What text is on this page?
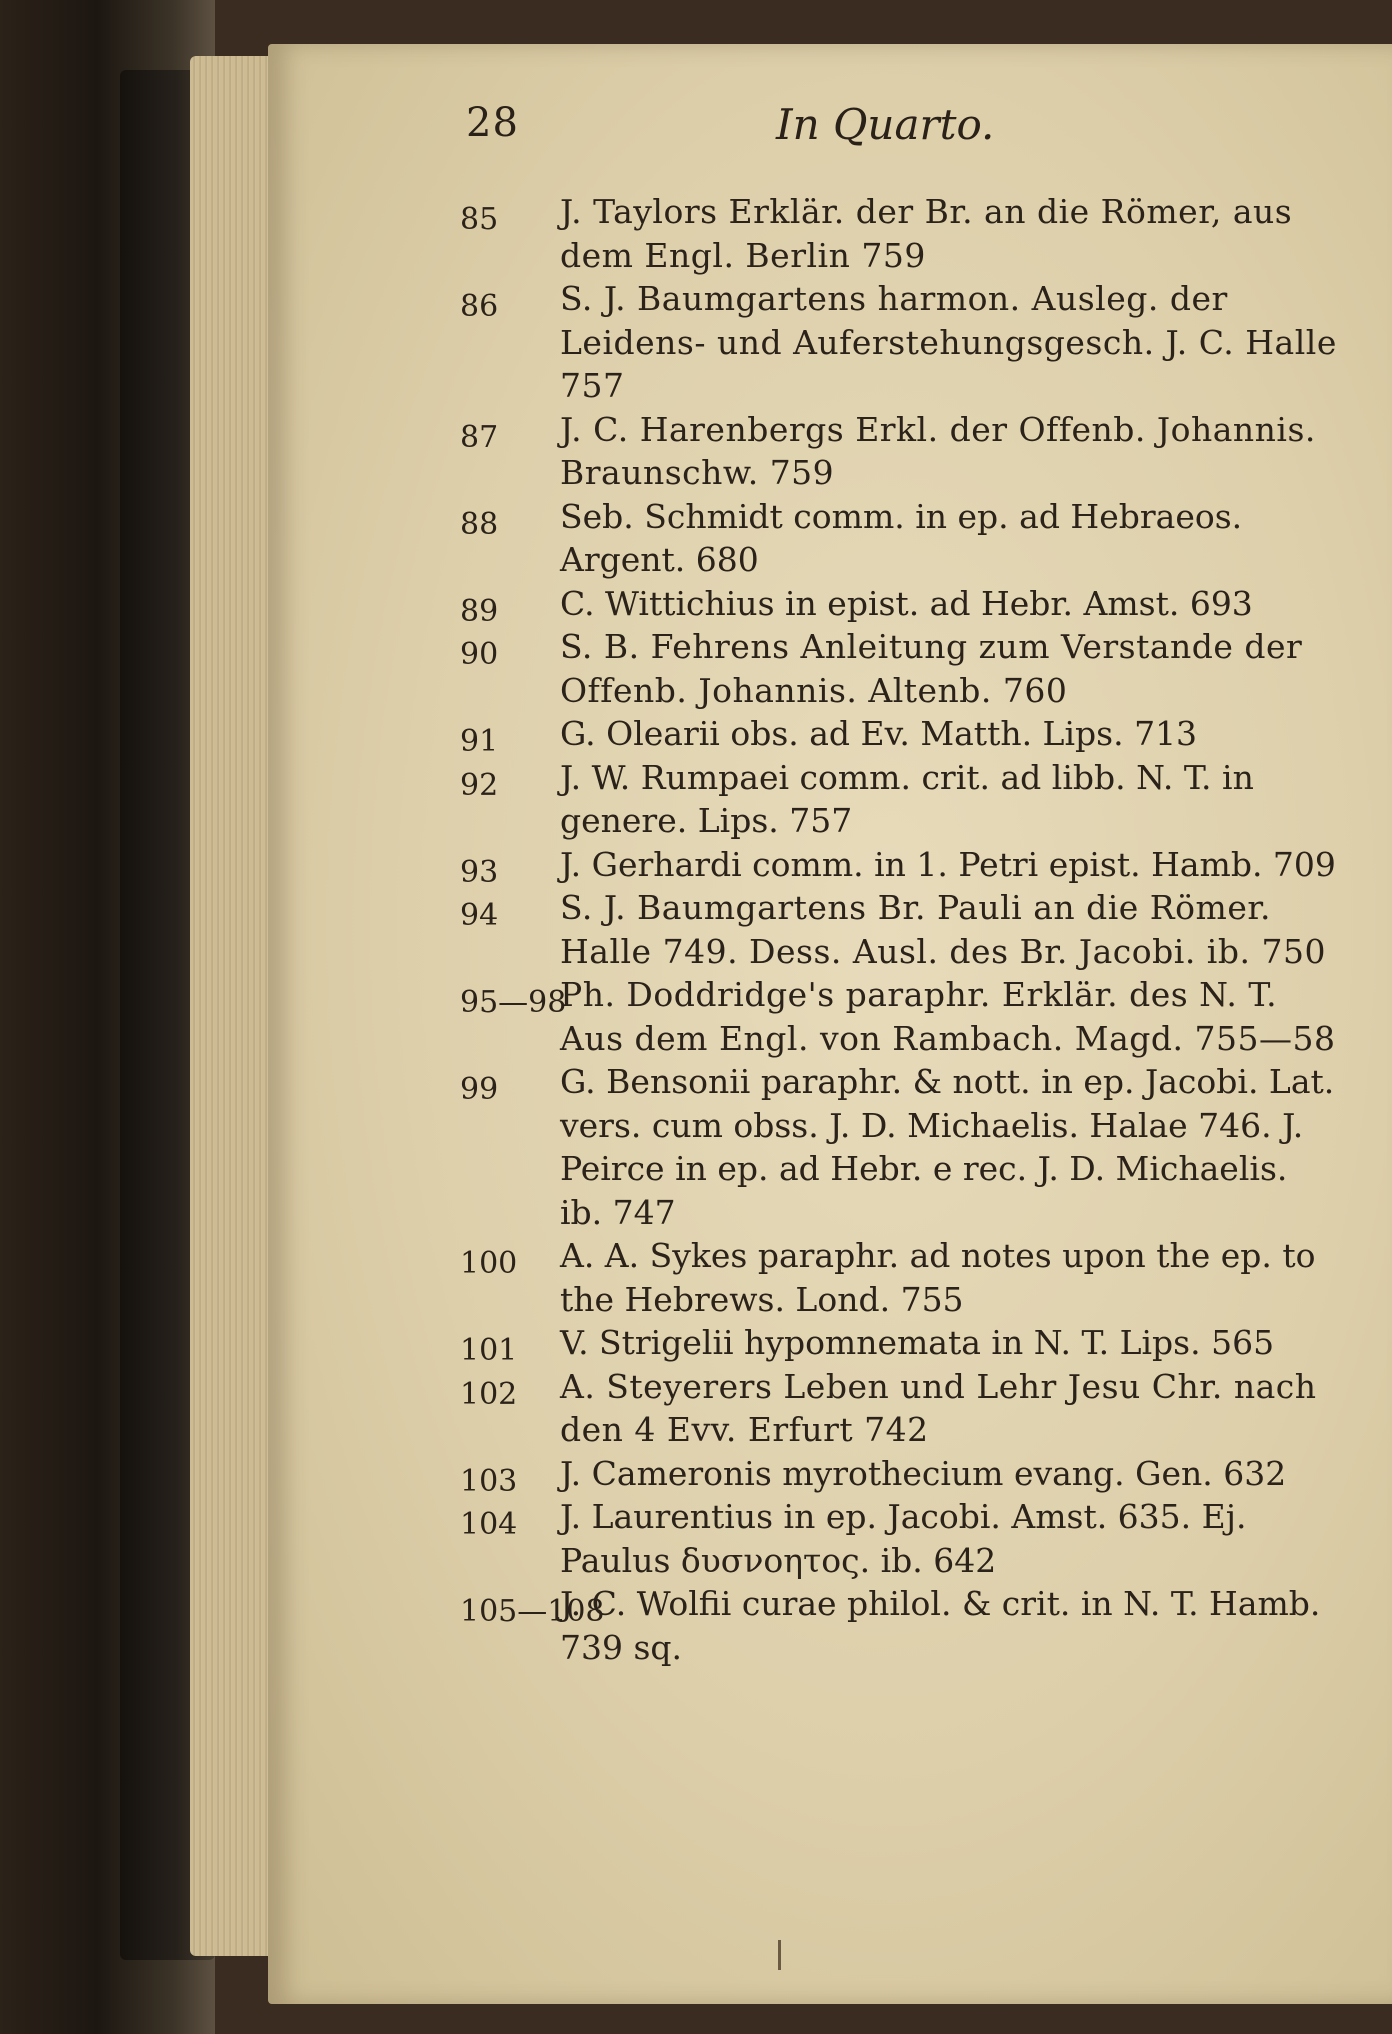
28	In Quarto.
85 J. Taylors Erklär. der Br. an die Römer, aus dem Engl. Berlin 759
86 S. J. Baumgartens harmon. Ausleg. der Leidens- und Auferstehungsgesch. J. C. Halle 757
87 J. C. Harenbergs Erkl. der Offenb. Johannis. Braunschw. 759
88 Seb. Schmidt comm. in ep. ad Hebraeos. Argent. 680
89 C. Wittichius in epist. ad Hebr. Amst. 693
90 S. B. Fehrens Anleitung zum Verstande der Offenb. Johannis. Altenb. 760
91 G. Olearii obs. ad Ev. Matth. Lips. 713
92 J. W. Rumpaei comm. crit. ad libb. N. T. in genere. Lips. 757
93 J. Gerhardi comm. in 1. Petri epist. Hamb. 709
94 S. J. Baumgartens Br. Pauli an die Römer. Halle 749. Dess. Ausl. des Br. Jacobi. ib. 750
95—98
Ph. Doddridge's paraphr. Erklär. des N. T. Aus dem Engl. von Rambach. Magd. 755—58
99 G. Bensonii paraphr. & nott. in ep. Jacobi. Lat. vers. cum obss. J. D. Michaelis. Halae 746. J. Peirce in ep. ad Hebr. e rec. J. D. Michaelis. ib. 747
100 A. A. Sykes paraphr. ad notes upon the ep. to the Hebrews. Lond. 755
101 V. Strigelii hypomnemata in N. T. Lips. 565
102 A. Steyerers Leben und Lehr Jesu Chr. nach den 4 Evv. Erfurt 742
103 J. Cameronis myrothecium evang. Gen. 632
104 J. Laurentius in ep. Jacobi. Amst. 635. Ej. Paulus δυσνοητος. ib. 642
105—108
J. C. Wolfii curae philol. & crit. in N. T. Hamb. 739 sq.
